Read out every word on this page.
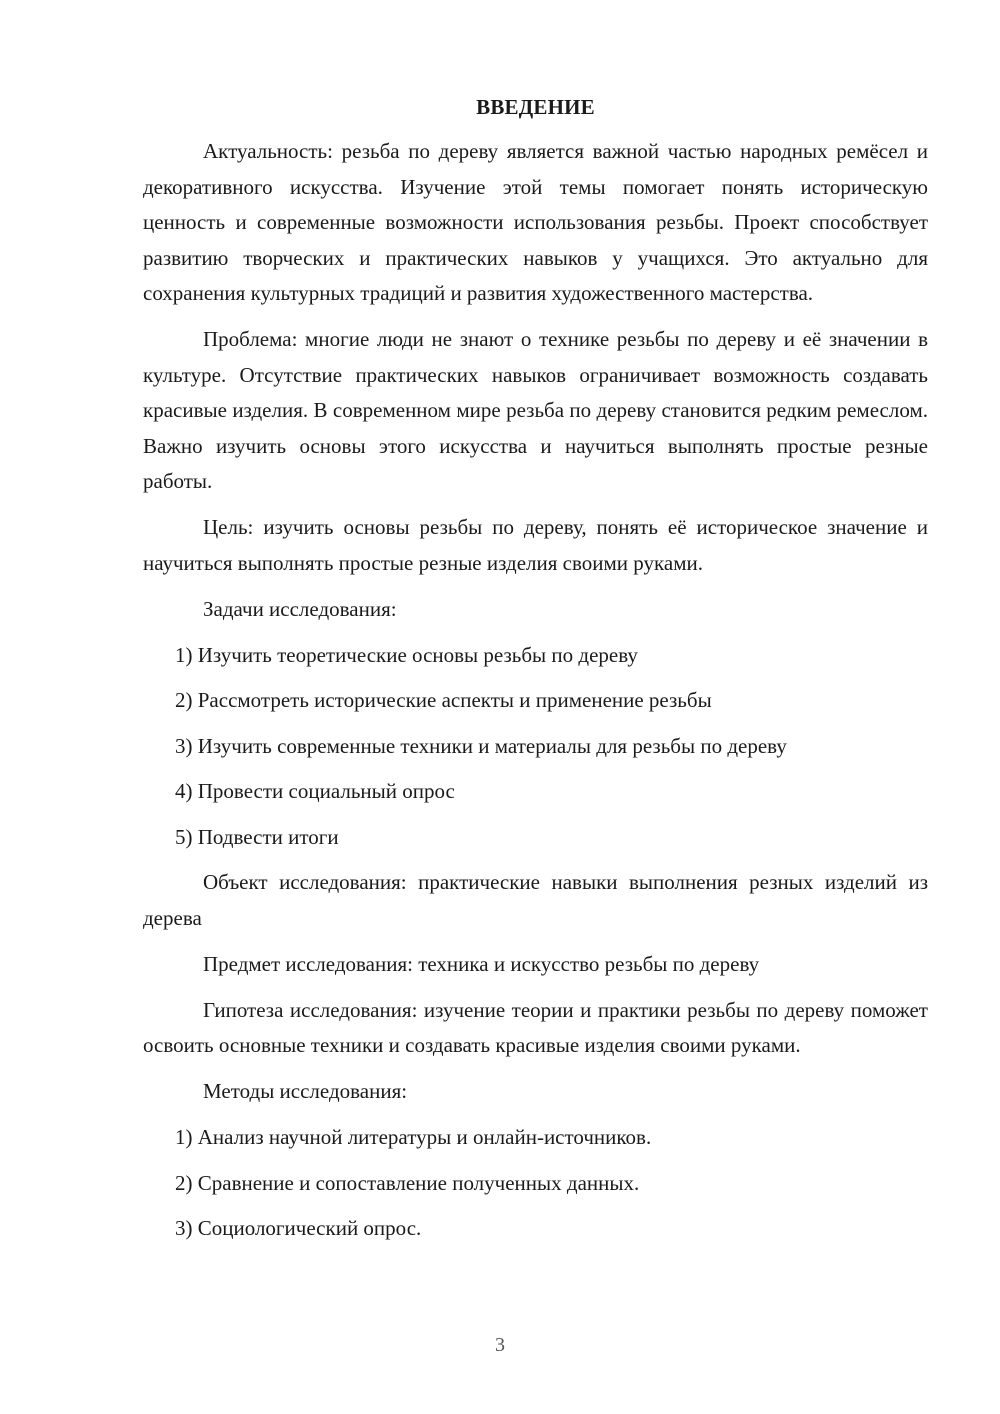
ВВЕДЕНИЕ

Актуальность: резьба по дереву является важной частью народных ремёсел и декоративного искусства. Изучение этой темы помогает понять историческую ценность и современные возможности использования резьбы. Проект способствует развитию творческих и практических навыков у учащихся. Это актуально для сохранения культурных традиций и развития художественного мастерства.

Проблема: многие люди не знают о технике резьбы по дереву и её значении в культуре. Отсутствие практических навыков ограничивает возможность создавать красивые изделия. В современном мире резьба по дереву становится редким ремеслом. Важно изучить основы этого искусства и научиться выполнять простые резные работы.

Цель: изучить основы резьбы по дереву, понять её историческое значение и научиться выполнять простые резные изделия своими руками.

Задачи исследования:

1) Изучить теоретические основы резьбы по дереву
2) Рассмотреть исторические аспекты и применение резьбы
3) Изучить современные техники и материалы для резьбы по дереву
4) Провести социальный опрос
5) Подвести итоги

Объект исследования: практические навыки выполнения резных изделий из дерева

Предмет исследования: техника и искусство резьбы по дереву

Гипотеза исследования: изучение теории и практики резьбы по дереву поможет освоить основные техники и создавать красивые изделия своими руками.

Методы исследования:

1) Анализ научной литературы и онлайн-источников.
2) Сравнение и сопоставление полученных данных.
3) Социологический опрос.
3
